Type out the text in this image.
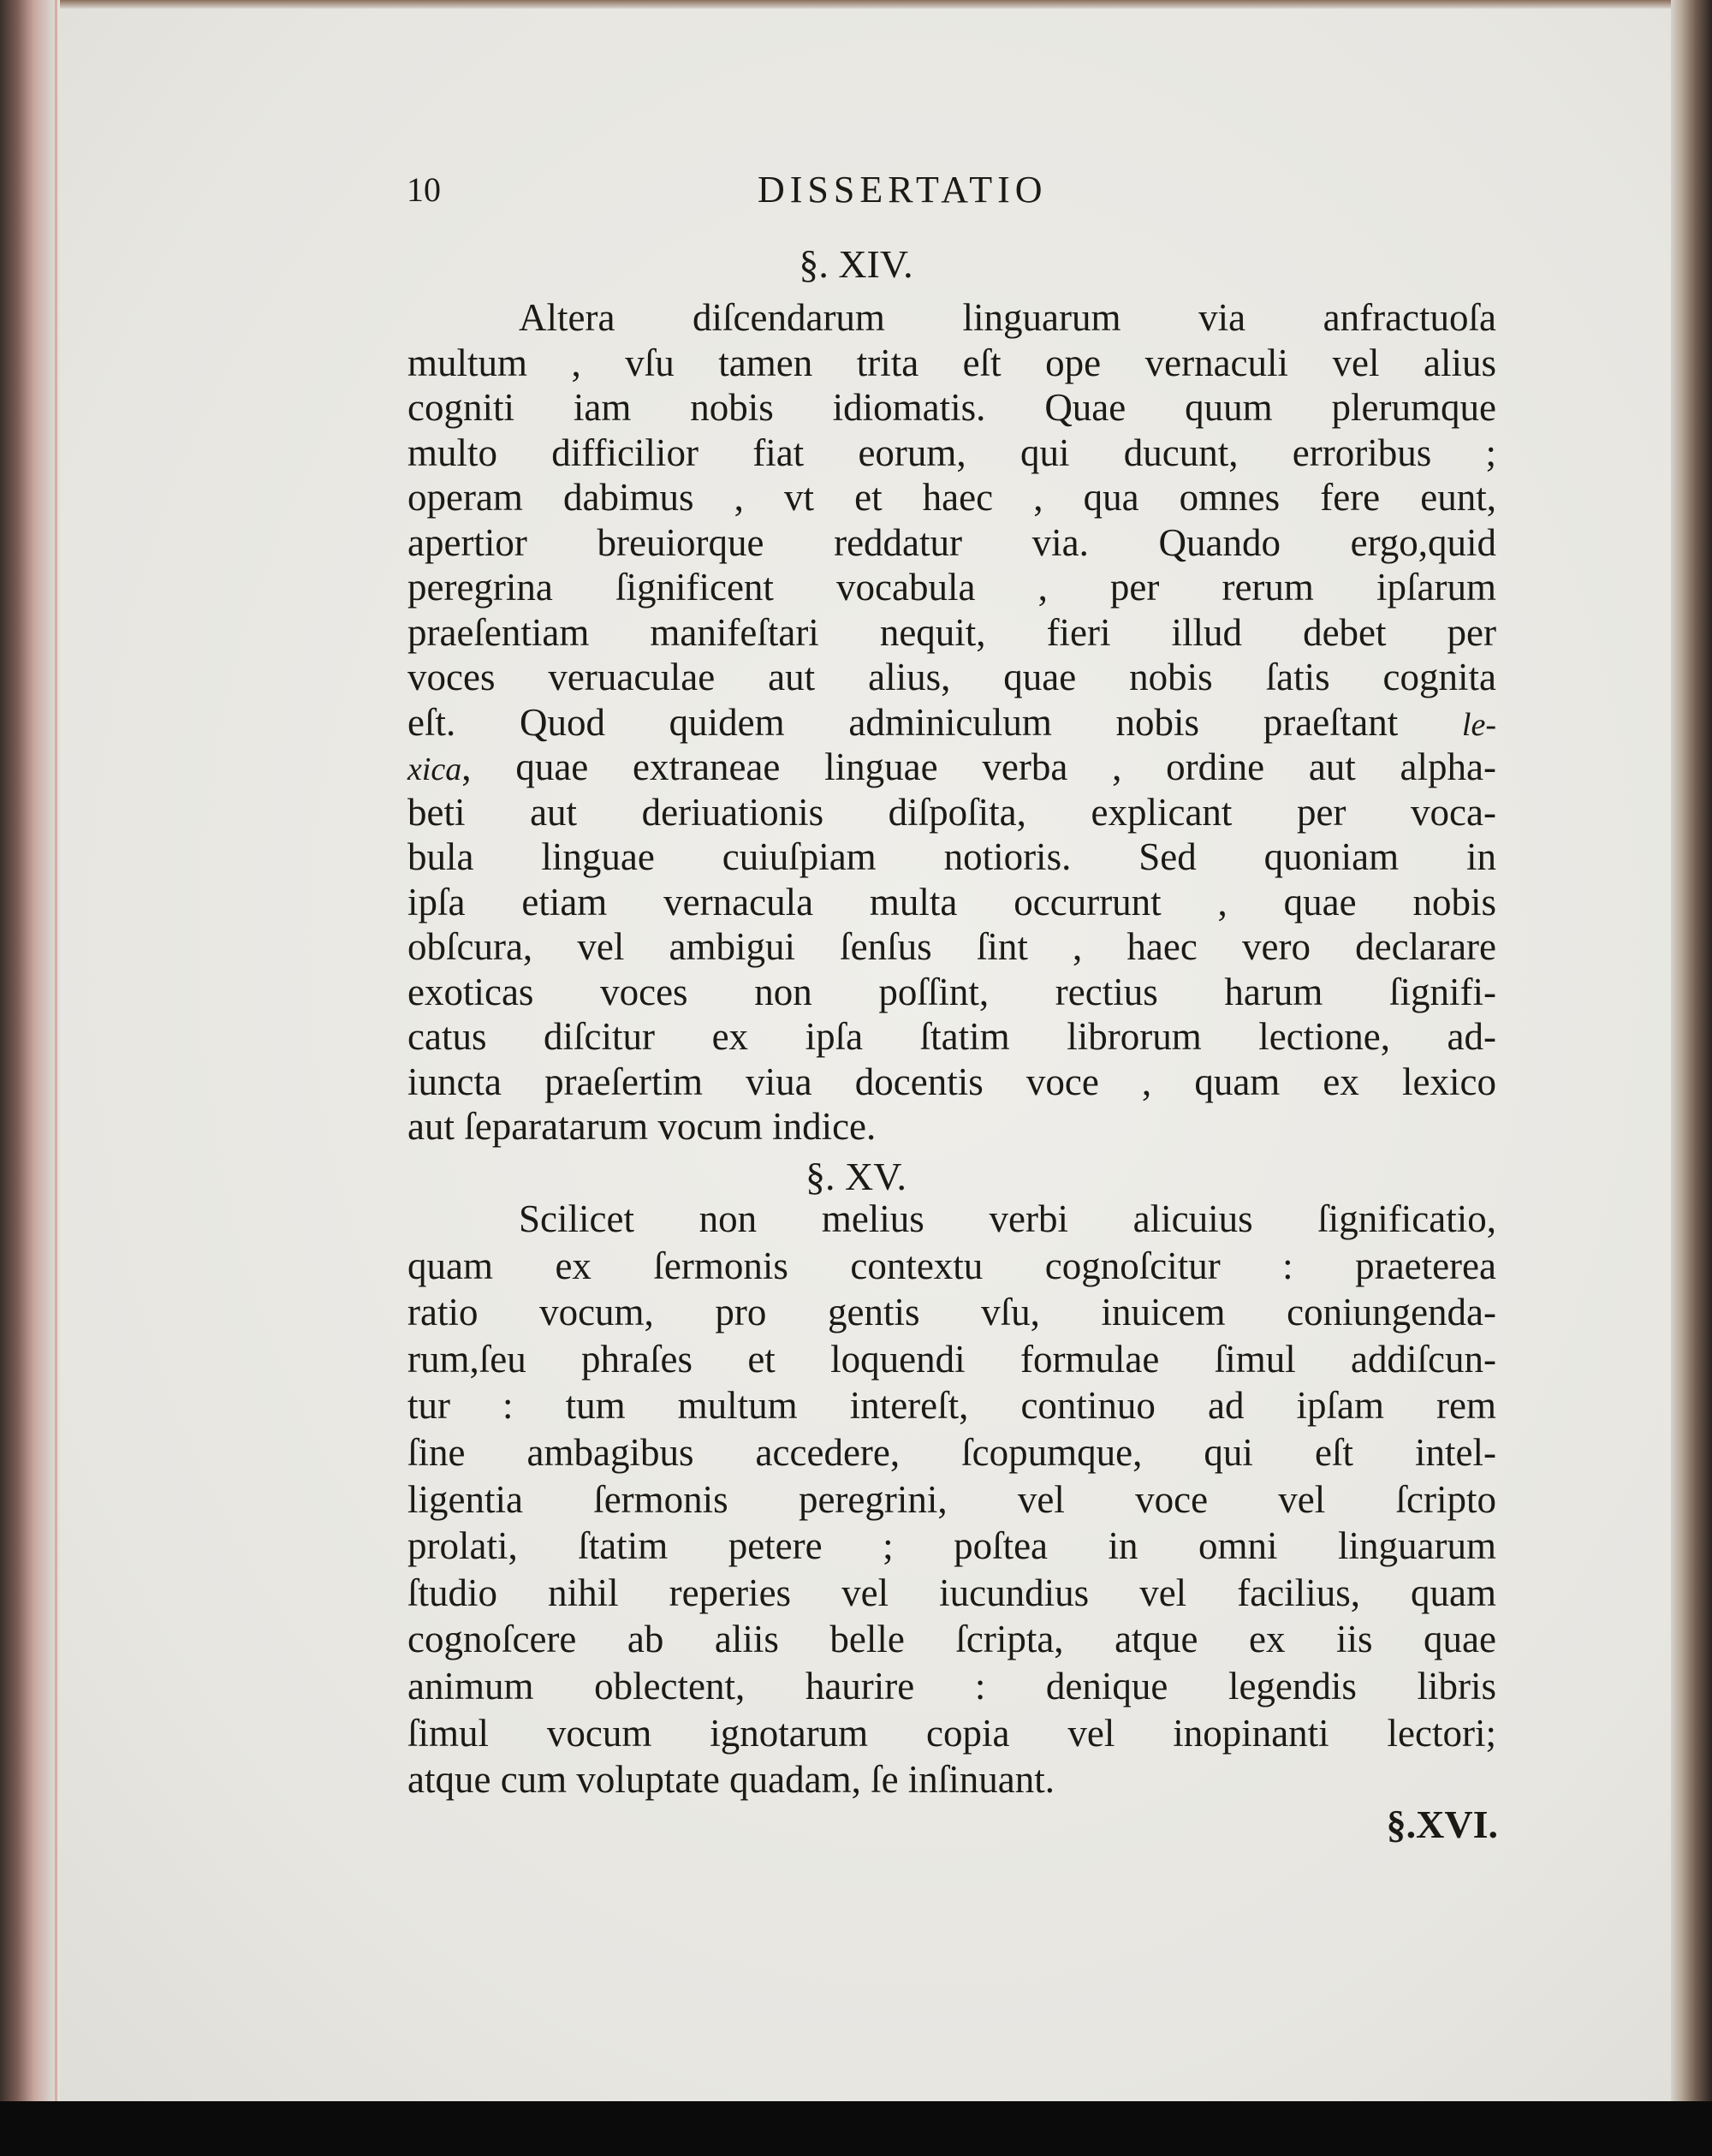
10	DISSERTATIO
§. XIV.
Altera diſcendarum linguarum via anfractuoſa
multum , vſu tamen trita eſt ope vernaculi vel alius
cogniti iam nobis idiomatis. Quae quum plerumque
multo difficilior fiat eorum, qui ducunt, erroribus ;
operam dabimus , vt et haec , qua omnes fere eunt,
apertior breuiorque reddatur via. Quando ergo,quid
peregrina ſignificent vocabula , per rerum ipſarum
praeſentiam manifeſtari nequit, fieri illud debet per
voces veruaculae aut alius, quae nobis ſatis cognita
eſt. Quod quidem adminiculum nobis praeſtant le-
xica, quae extraneae linguae verba , ordine aut alpha-
beti aut deriuationis diſpoſita, explicant per voca-
bula linguae cuiuſpiam notioris. Sed quoniam in
ipſa etiam vernacula multa occurrunt , quae nobis
obſcura, vel ambigui ſenſus ſint , haec vero declarare
exoticas voces non poſſint, rectius harum ſignifi-
catus diſcitur ex ipſa ſtatim librorum lectione, ad-
iuncta praeſertim viua docentis voce , quam ex lexico
aut ſeparatarum vocum indice.
§. XV.
Scilicet non melius verbi alicuius ſignificatio,
quam ex ſermonis contextu cognoſcitur : praeterea
ratio vocum, pro gentis vſu, inuicem coniungenda-
rum,ſeu phraſes et loquendi formulae ſimul addiſcun-
tur : tum multum intereſt, continuo ad ipſam rem
ſine ambagibus accedere, ſcopumque, qui eſt intel-
ligentia ſermonis peregrini, vel voce vel ſcripto
prolati, ſtatim petere ; poſtea in omni linguarum
ſtudio nihil reperies vel iucundius vel facilius, quam
cognoſcere ab aliis belle ſcripta, atque ex iis quae
animum oblectent, haurire : denique legendis libris
ſimul vocum ignotarum copia vel inopinanti lectori;
atque cum voluptate quadam, ſe inſinuant.
§.XVI.
